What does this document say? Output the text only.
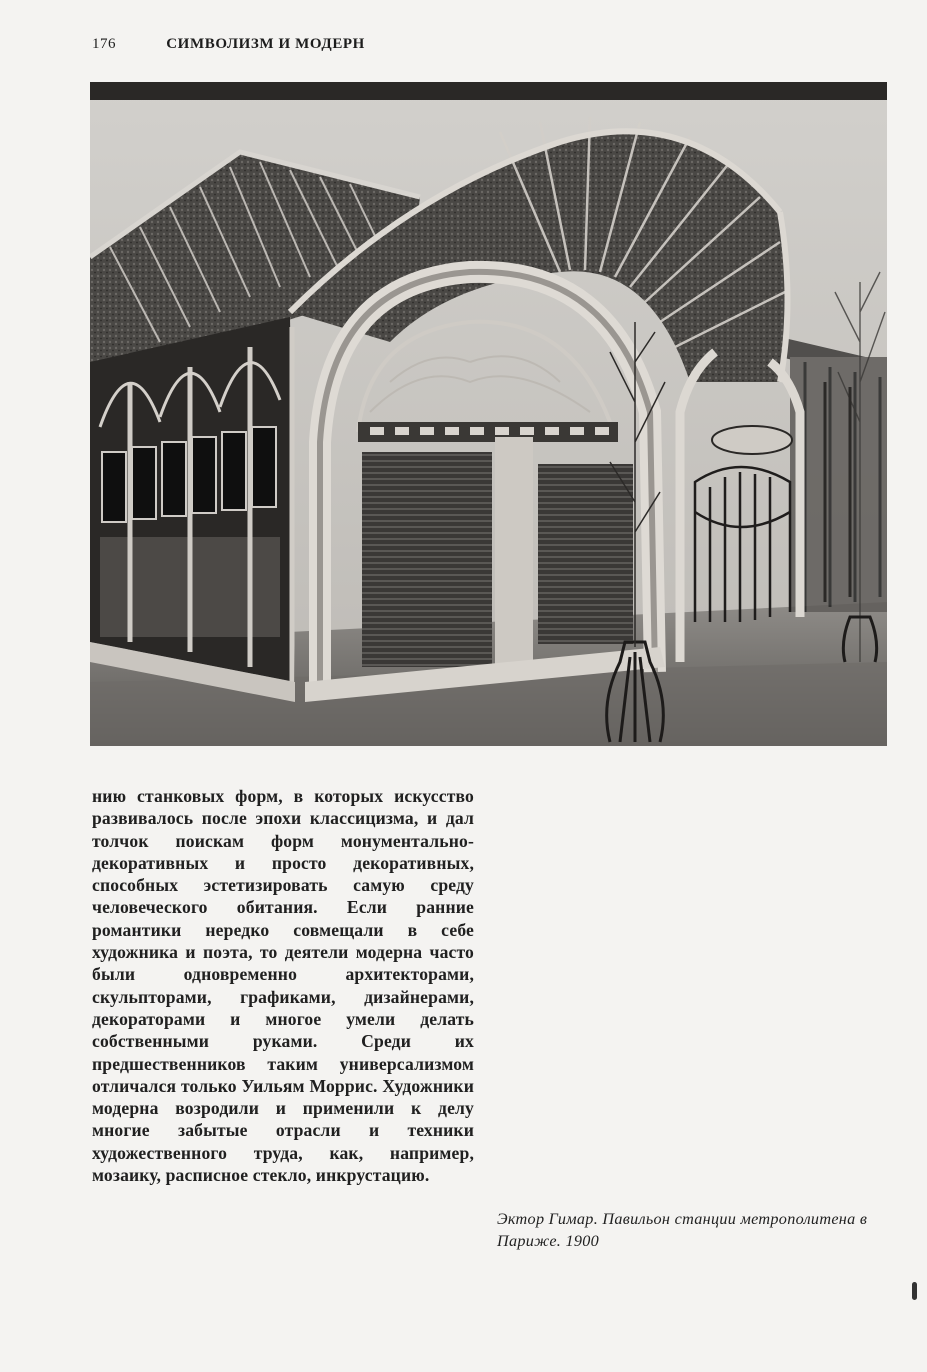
176	СИМВОЛИЗМ И МОДЕРН
нию станковых форм, в которых искусство развивалось после эпохи классицизма, и дал толчок поискам форм монументально-декоративных и просто декоративных, способных эстетизировать самую среду человеческого обитания. Если ранние романтики нередко совмещали в себе художника и поэта, то деятели модерна часто были одновременно архитекторами, скульпторами, графиками, дизайнерами, декораторами и многое умели делать собственными руками. Среди их предшественников таким универсализмом отличался только Уильям Моррис. Художники модерна возродили и применили к делу многие забытые отрасли и техники художественного труда, как, например, мозаику, расписное стекло, инкрустацию.
Эктор Гимар. Павильон станции метрополитена в Париже. 1900
